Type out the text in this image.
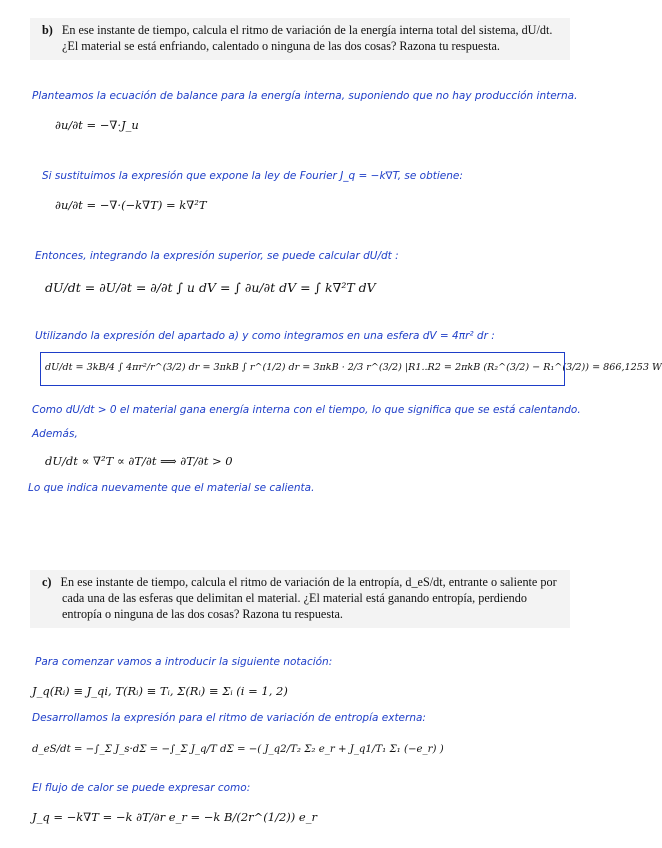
b) En ese instante de tiempo, calcula el ritmo de variación de la energía interna total del sistema, dU/dt. ¿El material se está enfriando, calentado o ninguna de las dos cosas? Razona tu respuesta.
Planteamos la ecuación de balance para la energía interna, suponiendo que no hay producción interna.
∂u/∂t = −∇·J_u
Si sustituimos la expresión que expone la ley de Fourier J_q = −k∇T, se obtiene:
∂u/∂t = −∇·(−k∇T) = k∇²T
Entonces, integrando la expresión superior, se puede calcular dU/dt :
dU/dt = ∂U/∂t = ∂/∂t ∫ u dV = ∫ ∂u/∂t dV = ∫ k∇²T dV
Utilizando la expresión del apartado a) y como integramos en una esfera dV = 4πr² dr :
dU/dt = 3kB/4 ∫ 4πr²/r^(3/2) dr = 3πkB ∫ r^(1/2) dr = 3πkB · 2/3 r^(3/2) |R1..R2 = 2πkB (R₂^(3/2) − R₁^(3/2)) = 866,1253 W
Como dU/dt > 0 el material gana energía interna con el tiempo, lo que significa que se está calentando.
Además,
dU/dt ∝ ∇²T ∝ ∂T/∂t ⟹ ∂T/∂t > 0
Lo que indica nuevamente que el material se calienta.
c) En ese instante de tiempo, calcula el ritmo de variación de la entropía, d_eS/dt, entrante o saliente por cada una de las esferas que delimitan el material. ¿El material está ganando entropía, perdiendo entropía o ninguna de las dos cosas? Razona tu respuesta.
Para comenzar vamos a introducir la siguiente notación:
J_q(Rᵢ) ≡ J_qi, T(Rᵢ) ≡ Tᵢ, Σ(Rᵢ) ≡ Σᵢ (i = 1, 2)
Desarrollamos la expresión para el ritmo de variación de entropía externa:
d_eS/dt = −∫_Σ J_s·dΣ = −∫_Σ J_q/T dΣ = −( J_q2/T₂ Σ₂ e_r + J_q1/T₁ Σ₁ (−e_r) )
El flujo de calor se puede expresar como:
J_q = −k∇T = −k ∂T/∂r e_r = −k B/(2r^(1/2)) e_r
